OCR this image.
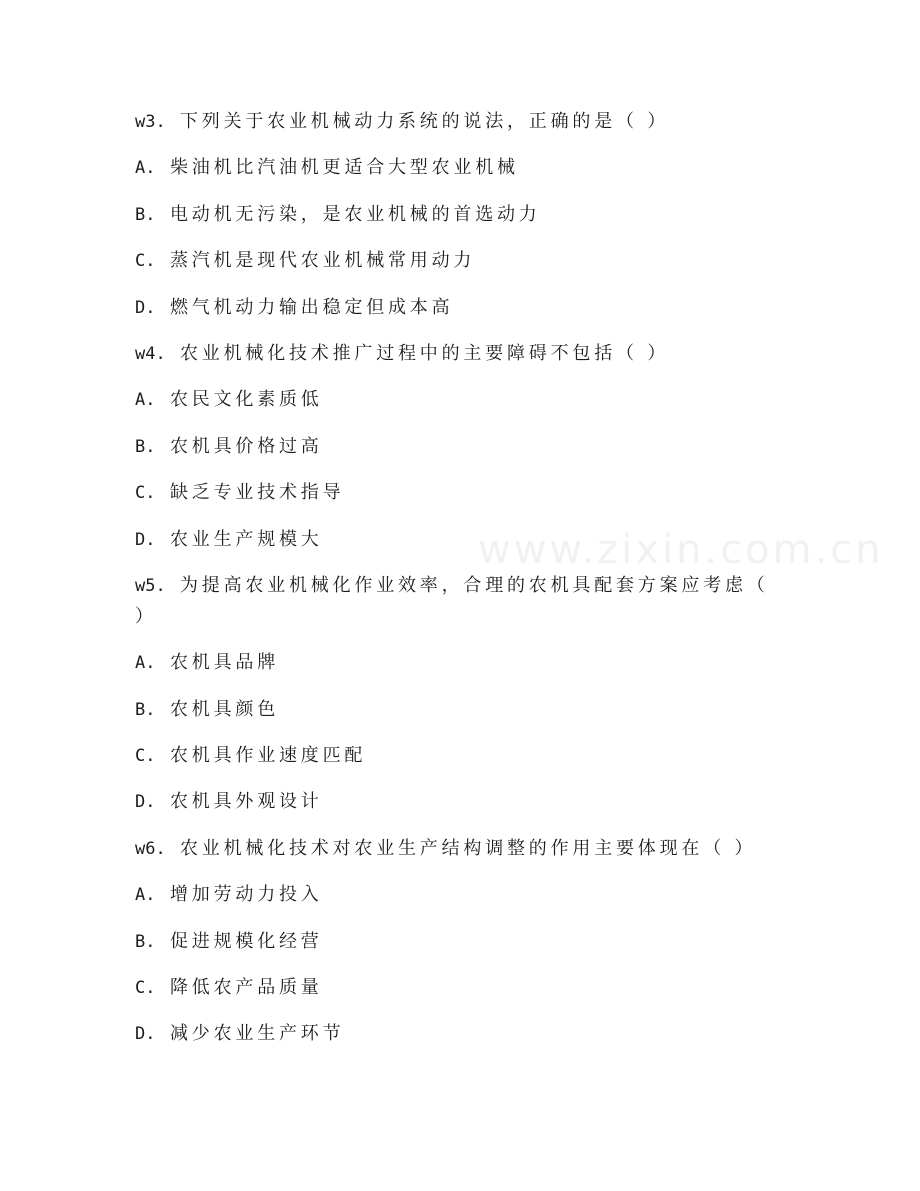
www.zixin.com.cn
w3. 下列关于农业机械动力系统的说法，正确的是（ ）
A. 柴油机比汽油机更适合大型农业机械
B. 电动机无污染，是农业机械的首选动力
C. 蒸汽机是现代农业机械常用动力
D. 燃气机动力输出稳定但成本高
w4. 农业机械化技术推广过程中的主要障碍不包括（ ）
A. 农民文化素质低
B. 农机具价格过高
C. 缺乏专业技术指导
D. 农业生产规模大
w5. 为提高农业机械化作业效率，合理的农机具配套方案应考虑（
）
A. 农机具品牌
B. 农机具颜色
C. 农机具作业速度匹配
D. 农机具外观设计
w6. 农业机械化技术对农业生产结构调整的作用主要体现在（ ）
A. 增加劳动力投入
B. 促进规模化经营
C. 降低农产品质量
D. 减少农业生产环节
